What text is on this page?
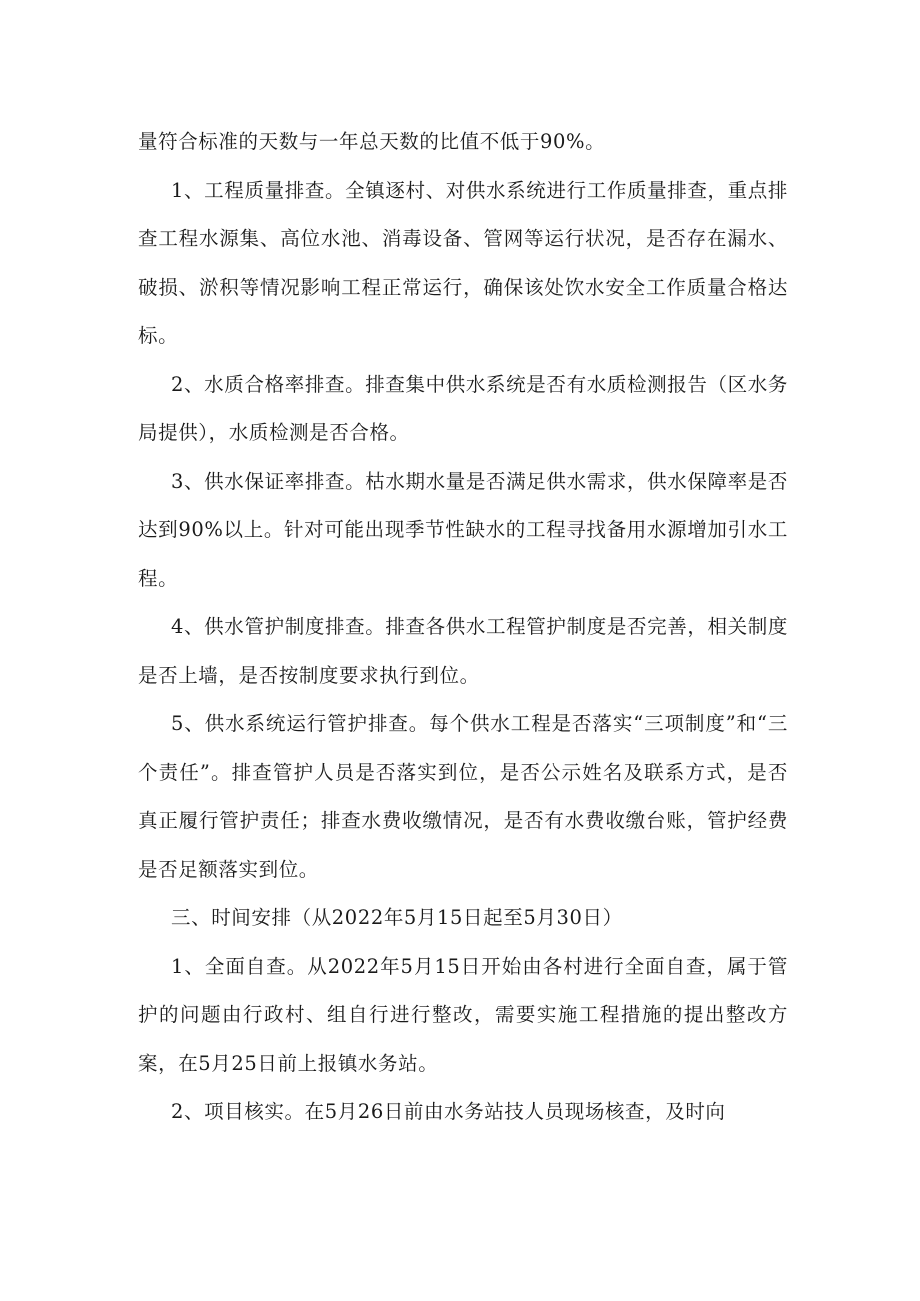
量符合标准的天数与一年总天数的比值不低于90%。

1、工程质量排查。全镇逐村、对供水系统进行工作质量排查，重点排查工程水源集、高位水池、消毒设备、管网等运行状况，是否存在漏水、破损、淤积等情况影响工程正常运行，确保该处饮水安全工作质量合格达标。

2、水质合格率排查。排查集中供水系统是否有水质检测报告（区水务局提供），水质检测是否合格。

3、供水保证率排查。枯水期水量是否满足供水需求，供水保障率是否达到90%以上。针对可能出现季节性缺水的工程寻找备用水源增加引水工程。

4、供水管护制度排查。排查各供水工程管护制度是否完善，相关制度是否上墙，是否按制度要求执行到位。

5、供水系统运行管护排查。每个供水工程是否落实“三项制度”和“三个责任”。排查管护人员是否落实到位，是否公示姓名及联系方式，是否真正履行管护责任；排查水费收缴情况，是否有水费收缴台账，管护经费是否足额落实到位。

三、时间安排（从2022年5月15日起至5月30日）

1、全面自查。从2022年5月15日开始由各村进行全面自查，属于管护的问题由行政村、组自行进行整改，需要实施工程措施的提出整改方案，在5月25日前上报镇水务站。

2、项目核实。在5月26日前由水务站技人员现场核查，及时向
